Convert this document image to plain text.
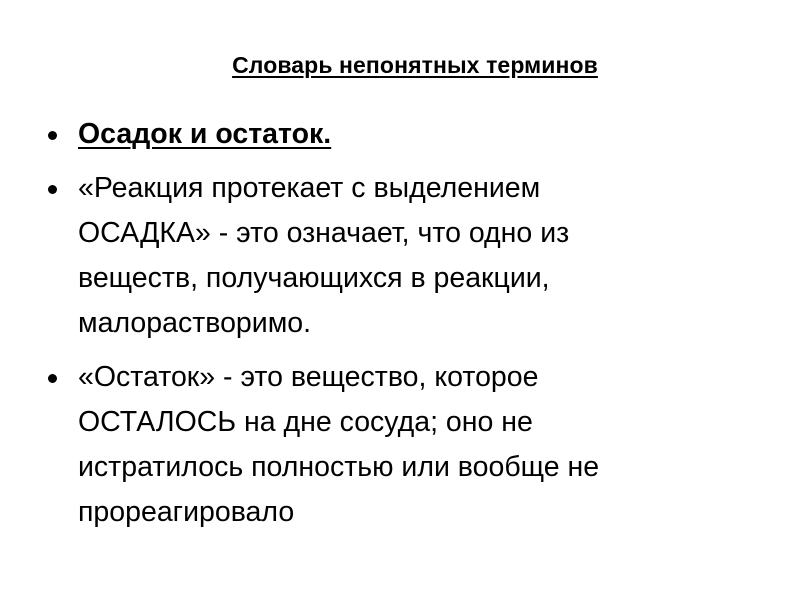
Словарь непонятных терминов
Осадок и остаток.
«Реакция протекает с выделением
ОСАДКА» - это означает, что одно из
веществ, получающихся в реакции,
малорастворимо.
«Остаток» - это вещество, которое
ОСТАЛОСЬ на дне сосуда; оно не
истратилось полностью или вообще не
прореагировало
